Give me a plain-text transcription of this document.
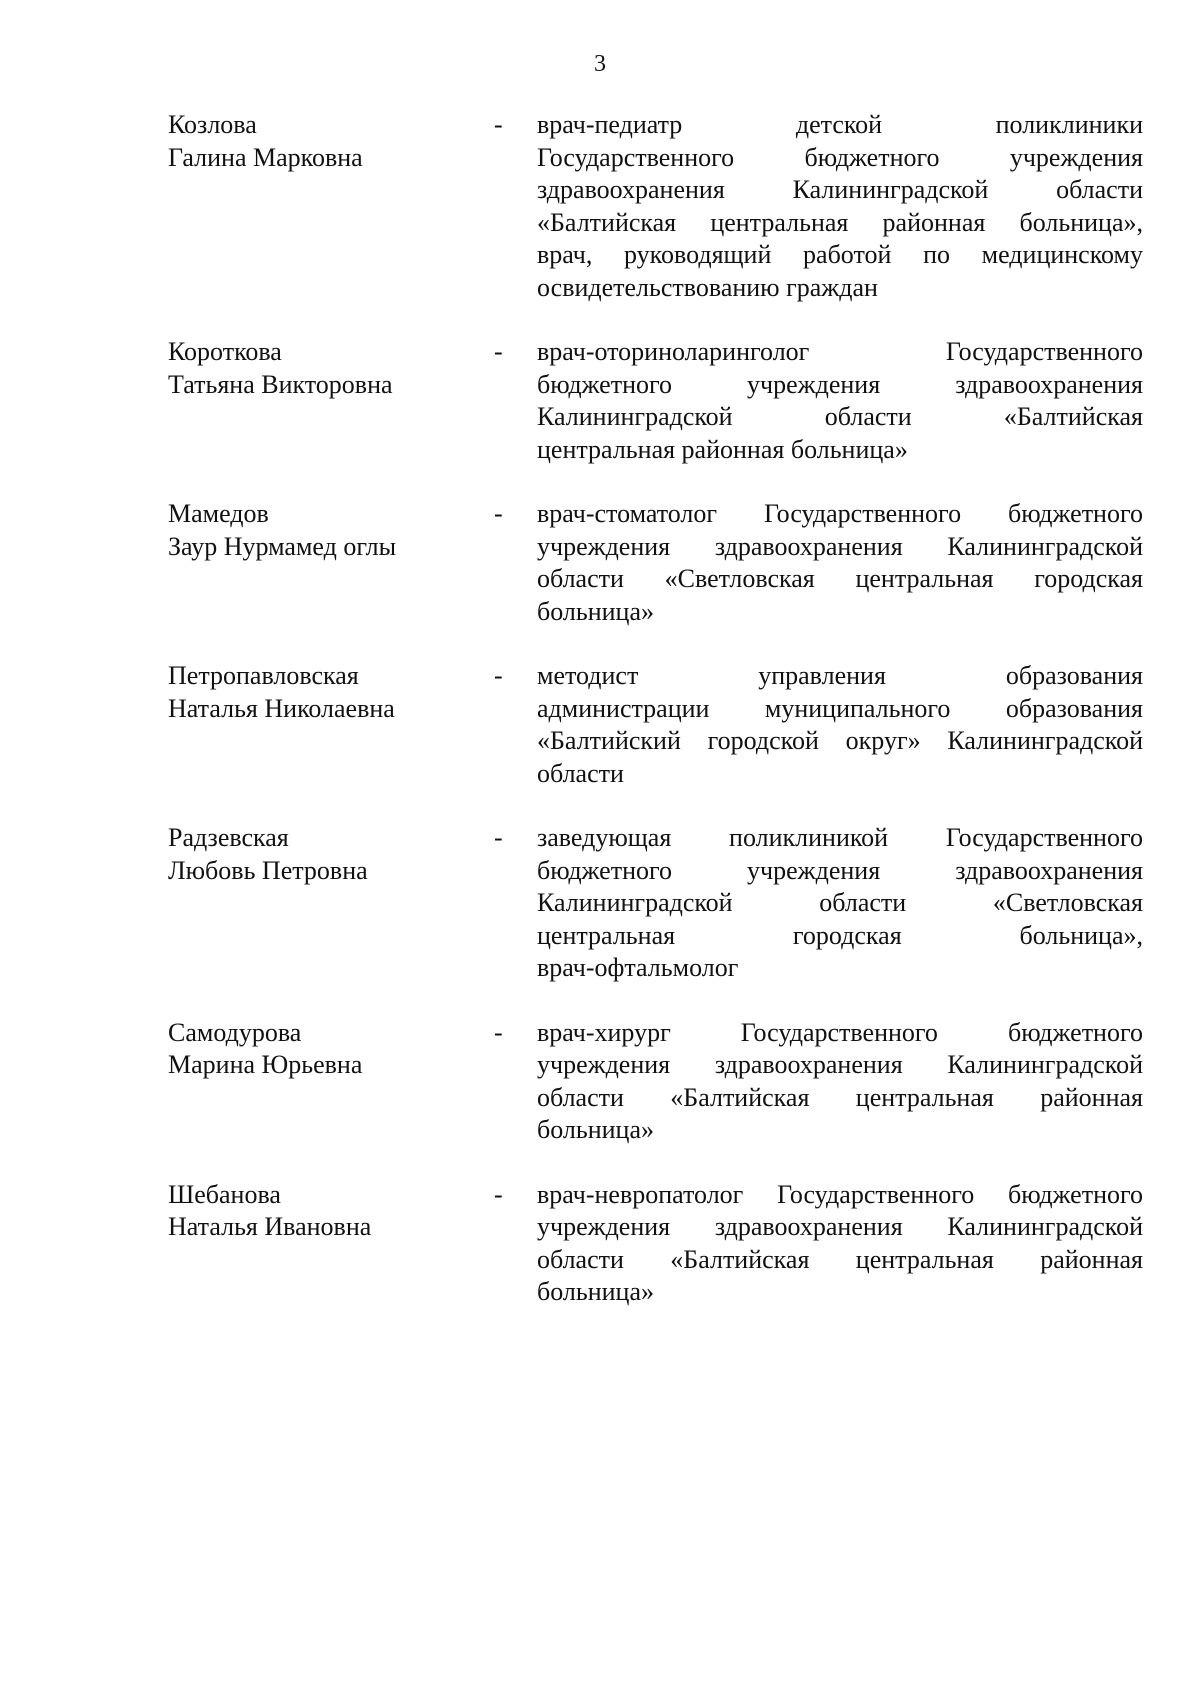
3
Козлова
Галина Марковна
-	врач-педиатр детской поликлиники
Государственного бюджетного учреждения
здравоохранения Калининградской области
«Балтийская центральная районная больница»,
врач, руководящий работой по медицинскому
освидетельствованию граждан
Короткова
Татьяна Викторовна
-	врач-оториноларинголог Государственного
бюджетного учреждения здравоохранения
Калининградской области «Балтийская
центральная районная больница»
Мамедов
Заур Нурмамед оглы
-	врач-стоматолог Государственного бюджетного
учреждения здравоохранения Калининградской
области «Светловская центральная городская
больница»
Петропавловская
Наталья Николаевна
-	методист управления образования
администрации муниципального образования
«Балтийский городской округ» Калининградской
области
Радзевская
Любовь Петровна
-	заведующая поликлиникой Государственного
бюджетного учреждения здравоохранения
Калининградской области «Светловская
центральная городская больница»,
врач-офтальмолог
Самодурова
Марина Юрьевна
-	врач-хирург Государственного бюджетного
учреждения здравоохранения Калининградской
области «Балтийская центральная районная
больница»
Шебанова
Наталья Ивановна
-	врач-невропатолог Государственного бюджетного
учреждения здравоохранения Калининградской
области «Балтийская центральная районная
больница»
